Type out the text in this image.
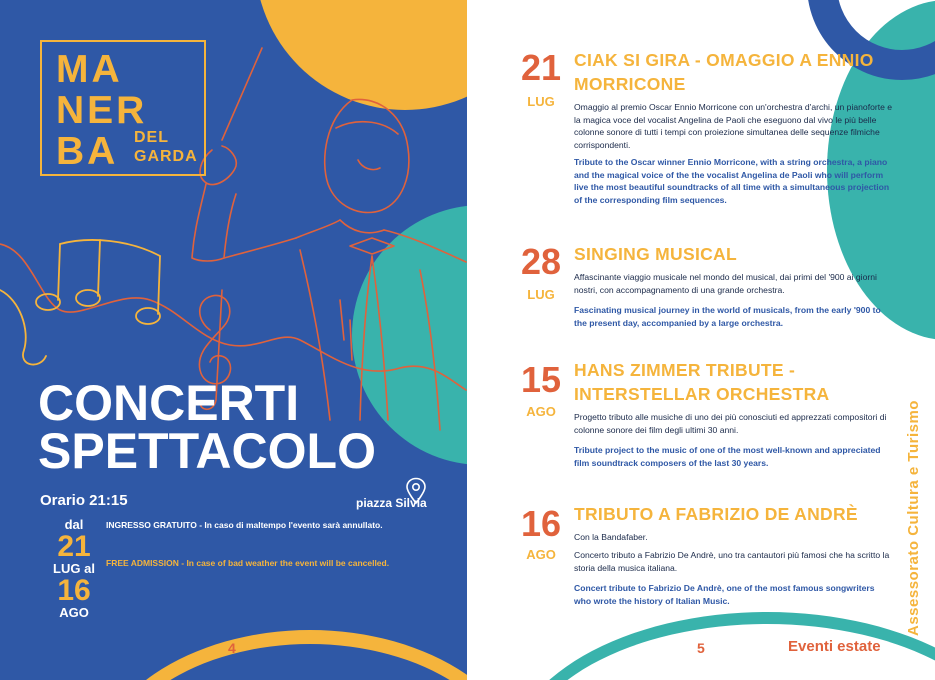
MA
NER
BA DEL
GARDA
CONCERTI
SPETTACOLO
Orario 21:15	piazza Silvia
dal
21
LUG al
16
AGO
INGRESSO GRATUITO - In caso di maltempo l'evento sarà annullato.
FREE ADMISSION - In case of bad weather the event will be cancelled.
4
21
LUG
CIAK SI GIRA - OMAGGIO A ENNIO MORRICONE
Omaggio al premio Oscar Ennio Morricone con un'orchestra d'archi, un pianoforte e la magica voce del vocalist Angelina de Paoli che eseguono dal vivo le più belle colonne sonore di tutti i tempi con proiezione simultanea delle sequenze filmiche corrispondenti.
Tribute to the Oscar winner Ennio Morricone, with a string orchestra, a piano and the magical voice of the the vocalist Angelina de Paoli who will perform live the most beautiful soundtracks of all time with a simultaneous projection of the corresponding film sequences.
28
LUG
SINGING MUSICAL
Affascinante viaggio musicale nel mondo del musical, dai primi del '900 ai giorni nostri, con accompagnamento di una grande orchestra.
Fascinating musical journey in the world of musicals, from the early '900 to the present day, accompanied by a large orchestra.
15
AGO
HANS ZIMMER TRIBUTE - INTERSTELLAR ORCHESTRA
Progetto tributo alle musiche di uno dei più conosciuti ed apprezzati compositori di colonne sonore dei film degli ultimi 30 anni.
Tribute project to the music of one of the most well-known and appreciated film soundtrack composers of the last 30 years.
16
AGO
TRIBUTO A FABRIZIO DE ANDRÈ
Con la Bandafaber.
Concerto tributo a Fabrizio De Andrè, uno tra cantautori più famosi che ha scritto la storia della musica italiana.
Concert tribute to Fabrizio De Andrè, one of the most famous songwriters who wrote the history of Italian Music.
5
Assessorato Cultura e Turismo
Eventi estate
